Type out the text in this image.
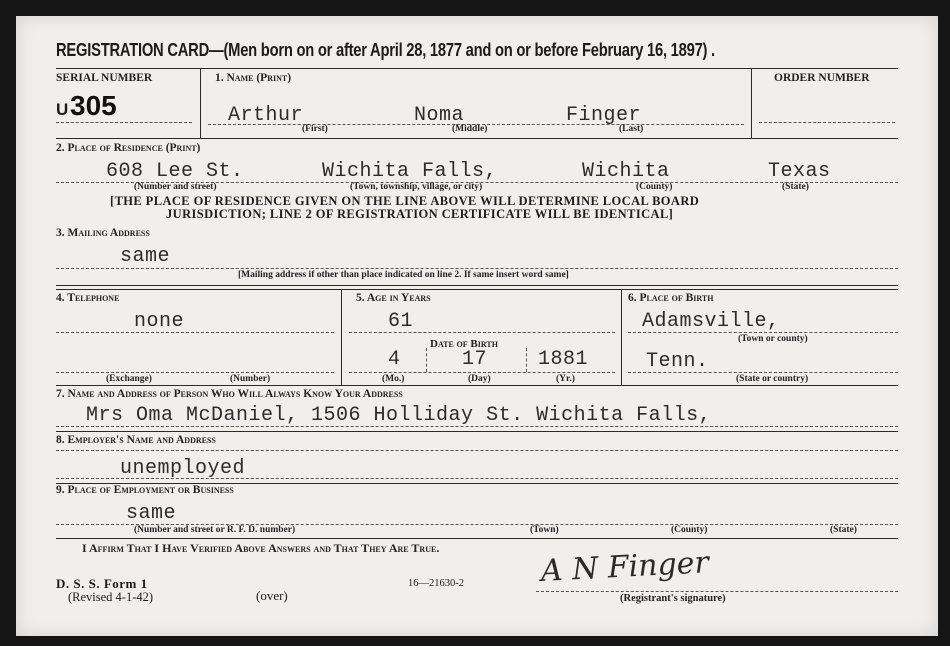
REGISTRATION CARD—(Men born on or after April 28, 1877 and on or before February 16, 1897) .
SERIAL NUMBER
U 305
1. Name (Print)
Arthur	Noma	Finger
(First)	(Middle)	(Last)
ORDER NUMBER
2. Place of Residence (Print)
608 Lee St.	Wichita Falls,	Wichita	Texas
(Number and street)	(Town, township, village, or city)	(County)	(State)
[THE PLACE OF RESIDENCE GIVEN ON THE LINE ABOVE WILL DETERMINE LOCAL BOARD
JURISDICTION; LINE 2 OF REGISTRATION CERTIFICATE WILL BE IDENTICAL]
3. Mailing Address
same
[Mailing address if other than place indicated on line 2. If same insert word same]
4. Telephone
none
(Exchange)	(Number)
5. Age in Years
61
Date of Birth
4	17	1881
(Mo.)	(Day)	(Yr.)
6. Place of Birth
Adamsville,
(Town or county)
Tenn.
(State or country)
7. Name and Address of Person Who Will Always Know Your Address
Mrs Oma McDaniel, 1506 Holliday St. Wichita Falls,
8. Employer's Name and Address
unemployed
9. Place of Employment or Business
same
(Number and street or R. F. D. number)	(Town)	(County)	(State)
I Affirm That I Have Verified Above Answers and That They Are True.
D. S. S. Form 1
(Revised 4-1-42)	(over)
16—21630-2	A N Finger
(Registrant's signature)
